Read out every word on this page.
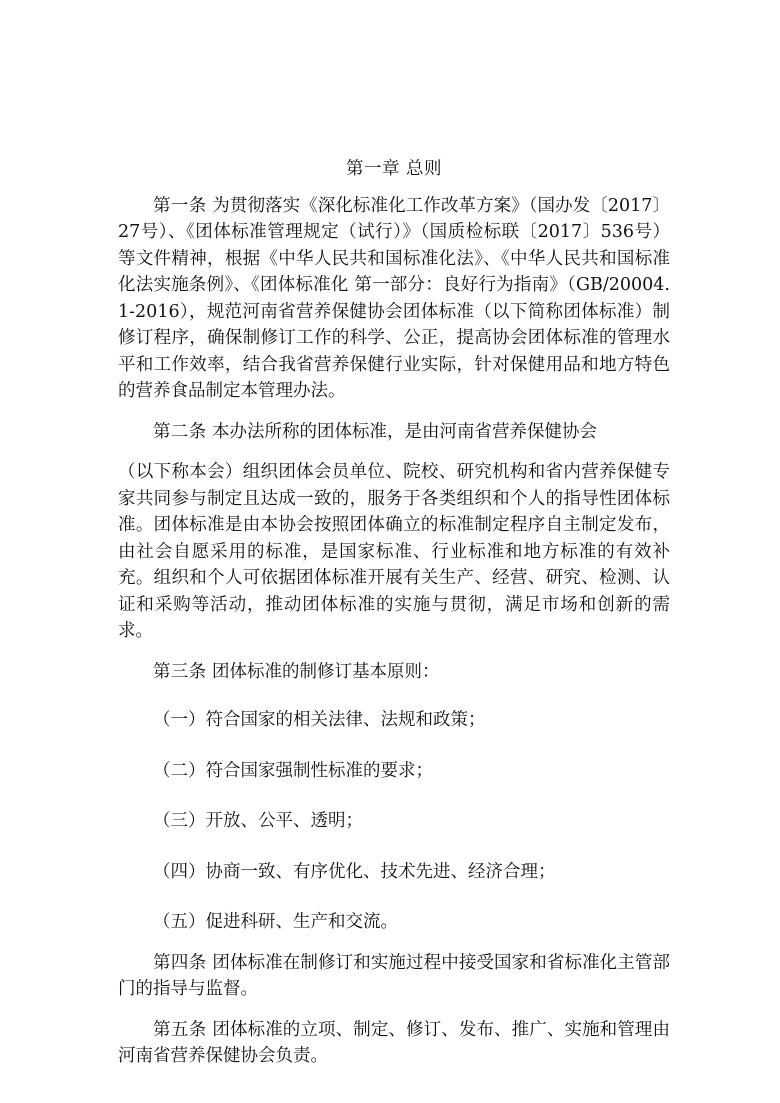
第一章 总则

第一条 为贯彻落实《深化标准化工作改革方案》（国办发〔2017〕27号）、《团体标准管理规定（试行）》（国质检标联〔2017〕536号）等文件精神，根据《中华人民共和国标准化法》、《中华人民共和国标准化法实施条例》、《团体标准化 第一部分：良好行为指南》（GB/20004.1-2016），规范河南省营养保健协会团体标准（以下简称团体标准）制修订程序，确保制修订工作的科学、公正，提高协会团体标准的管理水平和工作效率，结合我省营养保健行业实际，针对保健用品和地方特色的营养食品制定本管理办法。

第二条 本办法所称的团体标准，是由河南省营养保健协会

（以下称本会）组织团体会员单位、院校、研究机构和省内营养保健专家共同参与制定且达成一致的，服务于各类组织和个人的指导性团体标准。团体标准是由本协会按照团体确立的标准制定程序自主制定发布，由社会自愿采用的标准，是国家标准、行业标准和地方标准的有效补充。组织和个人可依据团体标准开展有关生产、经营、研究、检测、认证和采购等活动，推动团体标准的实施与贯彻，满足市场和创新的需求。

第三条 团体标准的制修订基本原则：

（一）符合国家的相关法律、法规和政策；

（二）符合国家强制性标准的要求；

（三）开放、公平、透明；

（四）协商一致、有序优化、技术先进、经济合理；

（五）促进科研、生产和交流。

第四条 团体标准在制修订和实施过程中接受国家和省标准化主管部门的指导与监督。

第五条 团体标准的立项、制定、修订、发布、推广、实施和管理由河南省营养保健协会负责。
